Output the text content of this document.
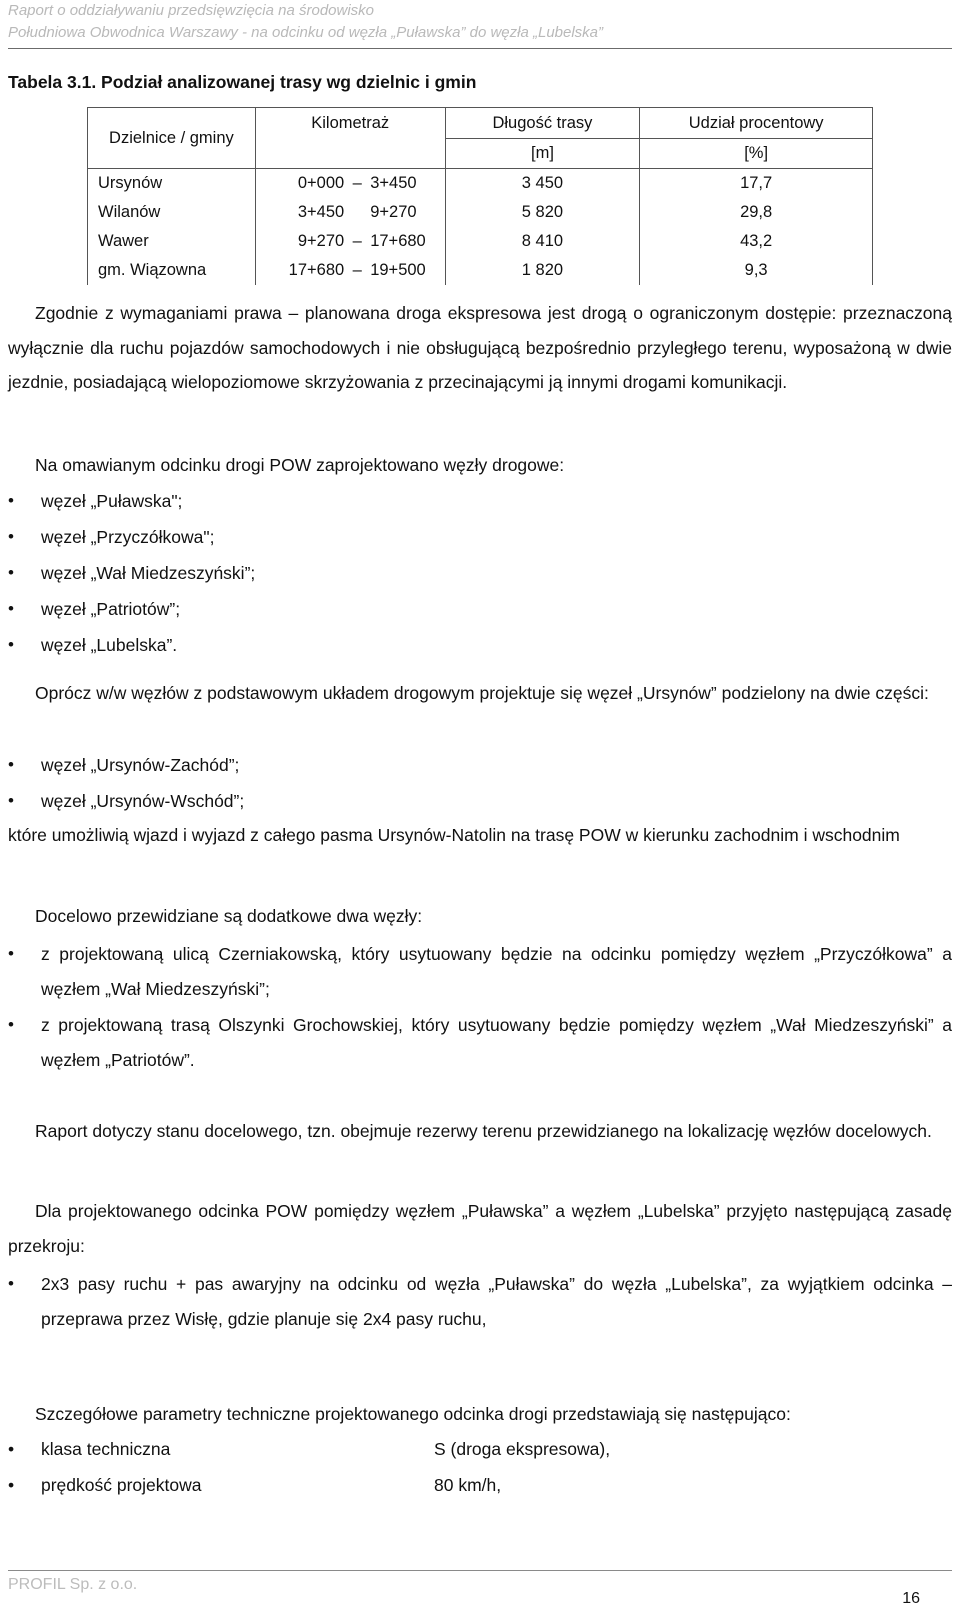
Raport o oddziaływaniu przedsięwzięcia na środowisko
Południowa Obwodnica Warszawy - na odcinku od węzła „Puławska” do węzła „Lubelska”
Tabela 3.1. Podział analizowanej trasy wg dzielnic i gmin
Dzielnice / gminy	Kilometraż	Długość trasy	Udział procentowy
		[m]	[%]
Ursynów	0+000 – 3+450	3 450	17,7
Wilanów	3+450 9+270	5 820	29,8
Wawer	9+270 – 17+680	8 410	43,2
gm. Wiązowna	17+680 – 19+500	1 820	9,3
Zgodnie z wymaganiami prawa – planowana droga ekspresowa jest drogą o ograniczonym dostępie: przeznaczoną wyłącznie dla ruchu pojazdów samochodowych i nie obsługującą bezpośrednio przyległego terenu, wyposażoną w dwie jezdnie, posiadającą wielopoziomowe skrzyżowania z przecinającymi ją innymi drogami komunikacji.
Na omawianym odcinku drogi POW zaprojektowano węzły drogowe:
•	węzeł „Puławska";
•	węzeł „Przyczółkowa";
•	węzeł „Wał Miedzeszyński”;
•	węzeł „Patriotów”;
•	węzeł „Lubelska”.
Oprócz w/w węzłów z podstawowym układem drogowym projektuje się węzeł „Ursynów” podzielony na dwie części:
•	węzeł „Ursynów-Zachód”;
•	węzeł „Ursynów-Wschód”;
które umożliwią wjazd i wyjazd z całego pasma Ursynów-Natolin na trasę POW w kierunku zachodnim i wschodnim
Docelowo przewidziane są dodatkowe dwa węzły:
•	z projektowaną ulicą Czerniakowską, który usytuowany będzie na odcinku pomiędzy węzłem „Przyczółkowa” a węzłem „Wał Miedzeszyński”;
•	z projektowaną trasą Olszynki Grochowskiej, który usytuowany będzie pomiędzy węzłem „Wał Miedzeszyński” a węzłem „Patriotów”.
Raport dotyczy stanu docelowego, tzn. obejmuje rezerwy terenu przewidzianego na lokalizację węzłów docelowych.
Dla projektowanego odcinka POW pomiędzy węzłem „Puławska” a węzłem „Lubelska” przyjęto następującą zasadę przekroju:
•	2x3 pasy ruchu + pas awaryjny na odcinku od węzła „Puławska” do węzła „Lubelska”, za wyjątkiem odcinka – przeprawa przez Wisłę, gdzie planuje się 2x4 pasy ruchu,
Szczegółowe parametry techniczne projektowanego odcinka drogi przedstawiają się następująco:
• klasa techniczna	S (droga ekspresowa),
• prędkość projektowa	80 km/h,
PROFIL Sp. z o.o.
16
